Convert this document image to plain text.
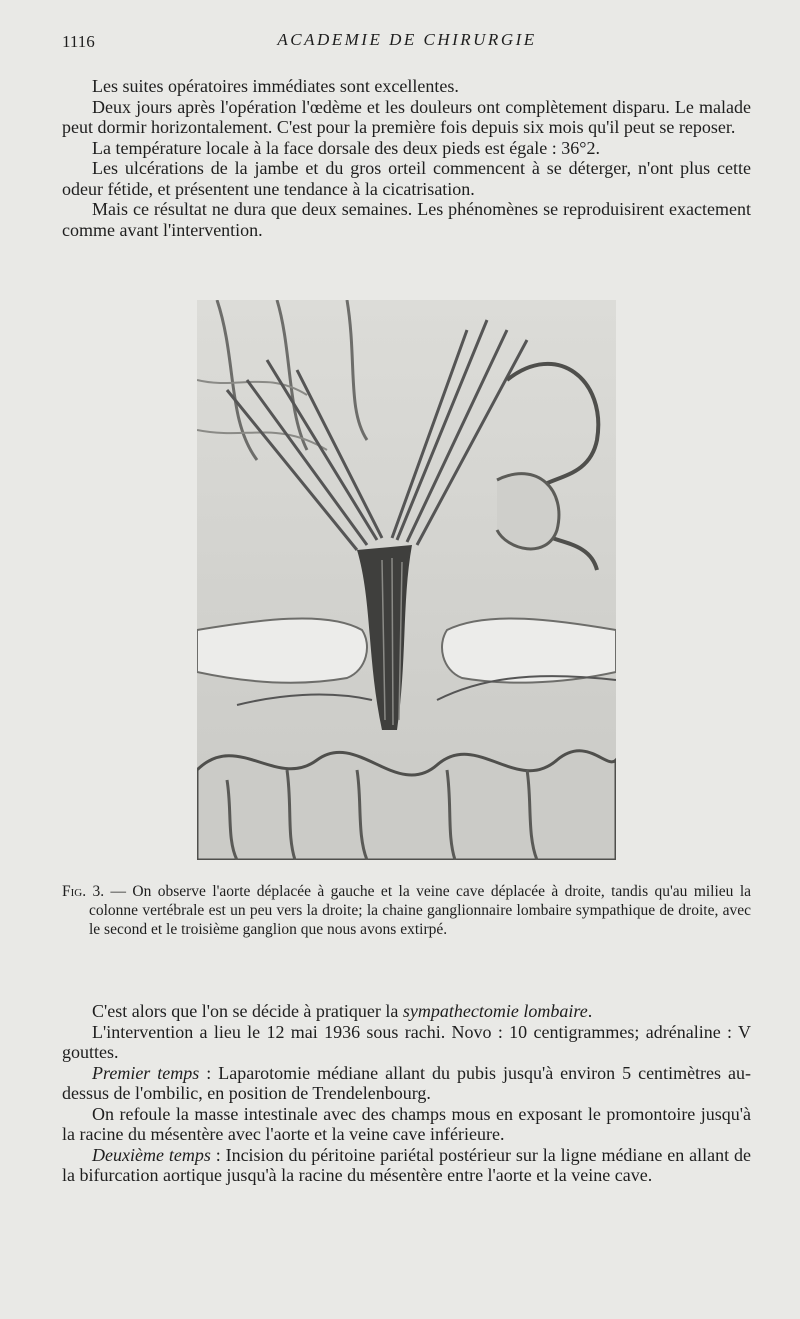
1116	ACADEMIE DE CHIRURGIE

Les suites opératoires immédiates sont excellentes.

Deux jours après l'opération l'œdème et les douleurs ont complètement disparu. Le malade peut dormir horizontalement. C'est pour la première fois depuis six mois qu'il peut se reposer.

La température locale à la face dorsale des deux pieds est égale : 36°2.

Les ulcérations de la jambe et du gros orteil commencent à se déterger, n'ont plus cette odeur fétide, et présentent une tendance à la cicatrisation.

Mais ce résultat ne dura que deux semaines. Les phénomènes se reproduisirent exactement comme avant l'intervention.

Fig. 3. — On observe l'aorte déplacée à gauche et la veine cave déplacée à droite, tandis qu'au milieu la colonne vertébrale est un peu vers la droite; la chaine ganglionnaire lombaire sympathique de droite, avec le second et le troisième ganglion que nous avons extirpé.

C'est alors que l'on se décide à pratiquer la sympathectomie lombaire.

L'intervention a lieu le 12 mai 1936 sous rachi. Novo : 10 centigrammes; adrénaline : V gouttes.

Premier temps : Laparotomie médiane allant du pubis jusqu'à environ 5 centimètres au-dessus de l'ombilic, en position de Trendelenbourg.

On refoule la masse intestinale avec des champs mous en exposant le promontoire jusqu'à la racine du mésentère avec l'aorte et la veine cave inférieure.

Deuxième temps : Incision du péritoine pariétal postérieur sur la ligne médiane en allant de la bifurcation aortique jusqu'à la racine du mésentère entre l'aorte et la veine cave.
